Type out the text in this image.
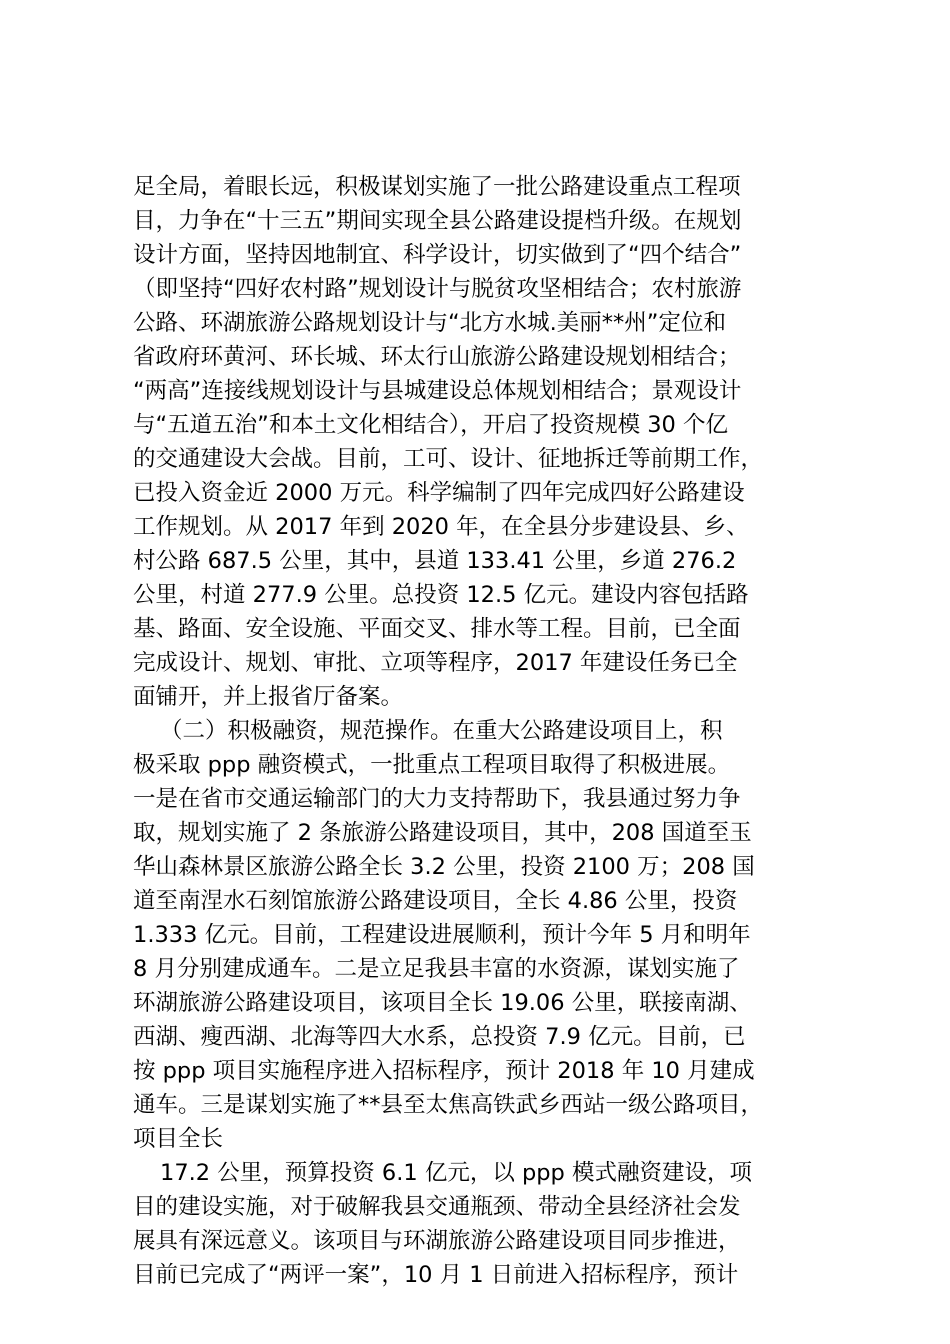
足全局，着眼长远，积极谋划实施了一批公路建设重点工程项
目，力争在“十三五”期间实现全县公路建设提档升级。在规划
设计方面，坚持因地制宜、科学设计，切实做到了“四个结合”
（即坚持“四好农村路”规划设计与脱贫攻坚相结合；农村旅游
公路、环湖旅游公路规划设计与“北方水城.美丽**州”定位和
省政府环黄河、环长城、环太行山旅游公路建设规划相结合；
“两高”连接线规划设计与县城建设总体规划相结合；景观设计
与“五道五治”和本土文化相结合），开启了投资规模 30 个亿
的交通建设大会战。目前，工可、设计、征地拆迁等前期工作，
已投入资金近 2000 万元。科学编制了四年完成四好公路建设
工作规划。从 2017 年到 2020 年，在全县分步建设县、乡、
村公路 687.5 公里，其中，县道 133.41 公里，乡道 276.2
公里，村道 277.9 公里。总投资 12.5 亿元。建设内容包括路
基、路面、安全设施、平面交叉、排水等工程。目前，已全面
完成设计、规划、审批、立项等程序，2017 年建设任务已全
面铺开，并上报省厅备案。
（二）积极融资，规范操作。在重大公路建设项目上，积
极采取 ppp 融资模式，一批重点工程项目取得了积极进展。
一是在省市交通运输部门的大力支持帮助下，我县通过努力争
取，规划实施了 2 条旅游公路建设项目，其中，208 国道至玉
华山森林景区旅游公路全长 3.2 公里，投资 2100 万；208 国
道至南涅水石刻馆旅游公路建设项目，全长 4.86 公里，投资
1.333 亿元。目前，工程建设进展顺利，预计今年 5 月和明年
8 月分别建成通车。二是立足我县丰富的水资源，谋划实施了
环湖旅游公路建设项目，该项目全长 19.06 公里，联接南湖、
西湖、瘦西湖、北海等四大水系，总投资 7.9 亿元。目前，已
按 ppp 项目实施程序进入招标程序，预计 2018 年 10 月建成
通车。三是谋划实施了**县至太焦高铁武乡西站一级公路项目，
项目全长
17.2 公里，预算投资 6.1 亿元，以 ppp 模式融资建设，项
目的建设实施，对于破解我县交通瓶颈、带动全县经济社会发
展具有深远意义。该项目与环湖旅游公路建设项目同步推进，
目前已完成了“两评一案”，10 月 1 日前进入招标程序，预计
